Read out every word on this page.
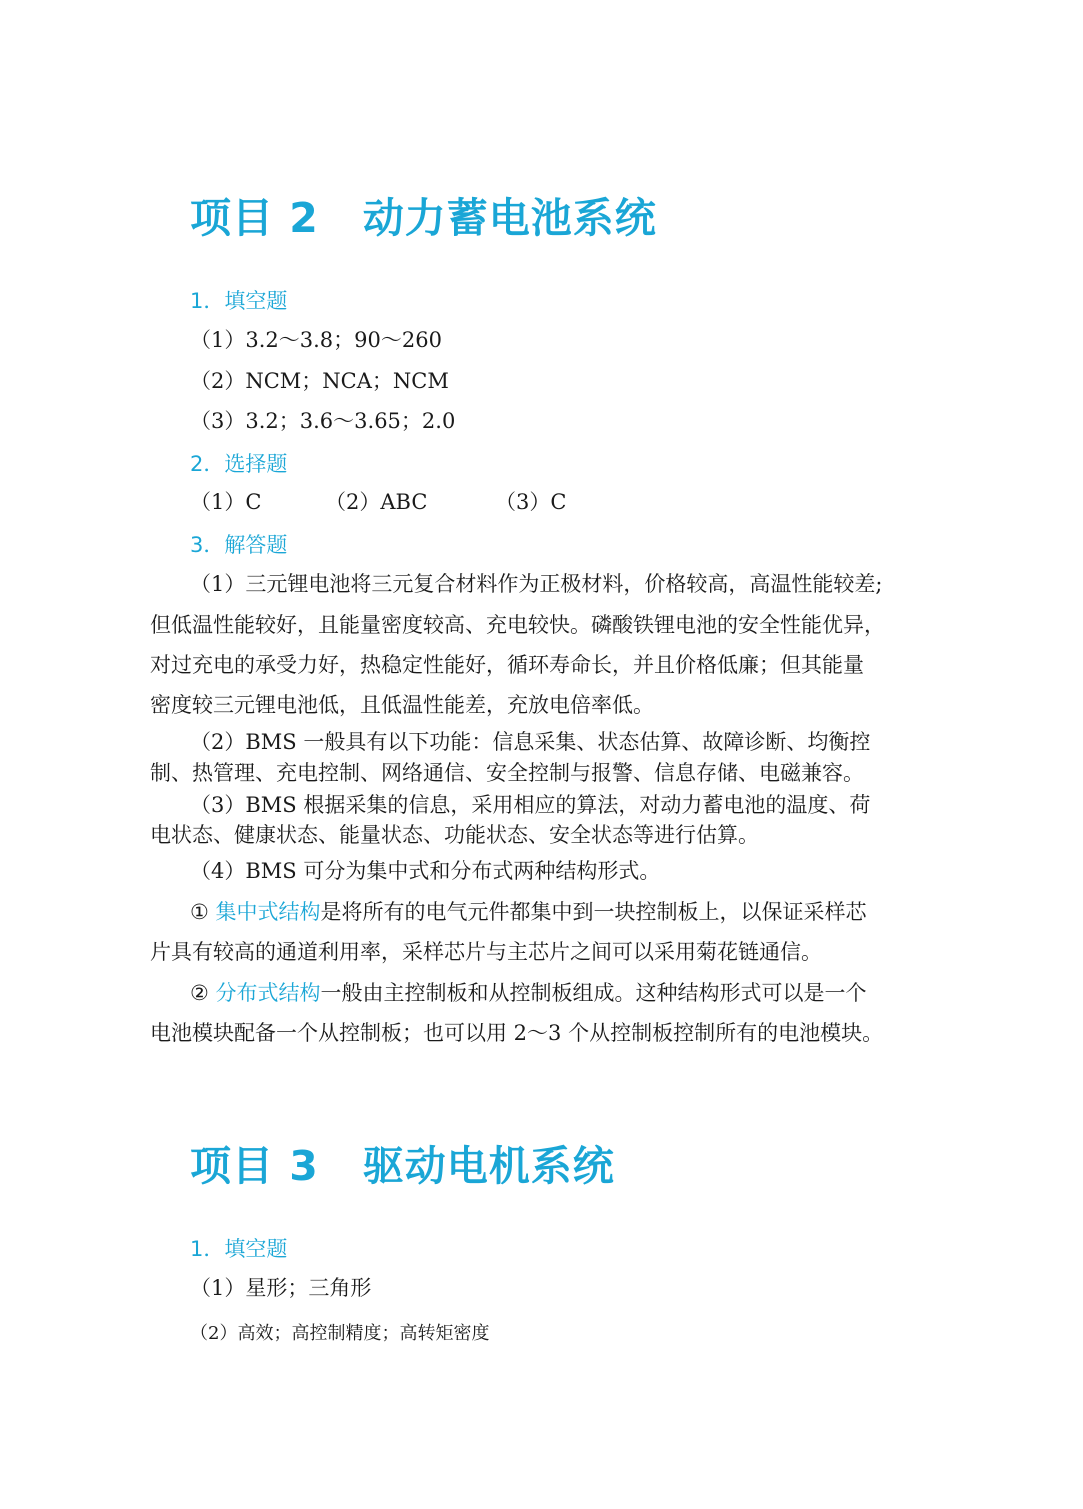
项目 2 动力蓄电池系统
1．填空题
（1）3.2～3.8；90～260
（2）NCM；NCA；NCM
（3）3.2；3.6～3.65；2.0
2．选择题
（1）C	（2）ABC	（3）C
3．解答题
（1）三元锂电池将三元复合材料作为正极材料，价格较高，高温性能较差;
但低温性能较好，且能量密度较高、充电较快。磷酸铁锂电池的安全性能优异，
对过充电的承受力好，热稳定性能好，循环寿命长，并且价格低廉；但其能量
密度较三元锂电池低，且低温性能差，充放电倍率低。
（2）BMS 一般具有以下功能：信息采集、状态估算、故障诊断、均衡控
制、热管理、充电控制、网络通信、安全控制与报警、信息存储、电磁兼容。
（3）BMS 根据采集的信息，采用相应的算法，对动力蓄电池的温度、荷
电状态、健康状态、能量状态、功能状态、安全状态等进行估算。
（4）BMS 可分为集中式和分布式两种结构形式。
① 集中式结构是将所有的电气元件都集中到一块控制板上，以保证采样芯
片具有较高的通道利用率，采样芯片与主芯片之间可以采用菊花链通信。
② 分布式结构一般由主控制板和从控制板组成。这种结构形式可以是一个
电池模块配备一个从控制板；也可以用 2～3 个从控制板控制所有的电池模块。
项目 3 驱动电机系统
1．填空题
（1）星形；三角形
（2）高效；高控制精度；高转矩密度
